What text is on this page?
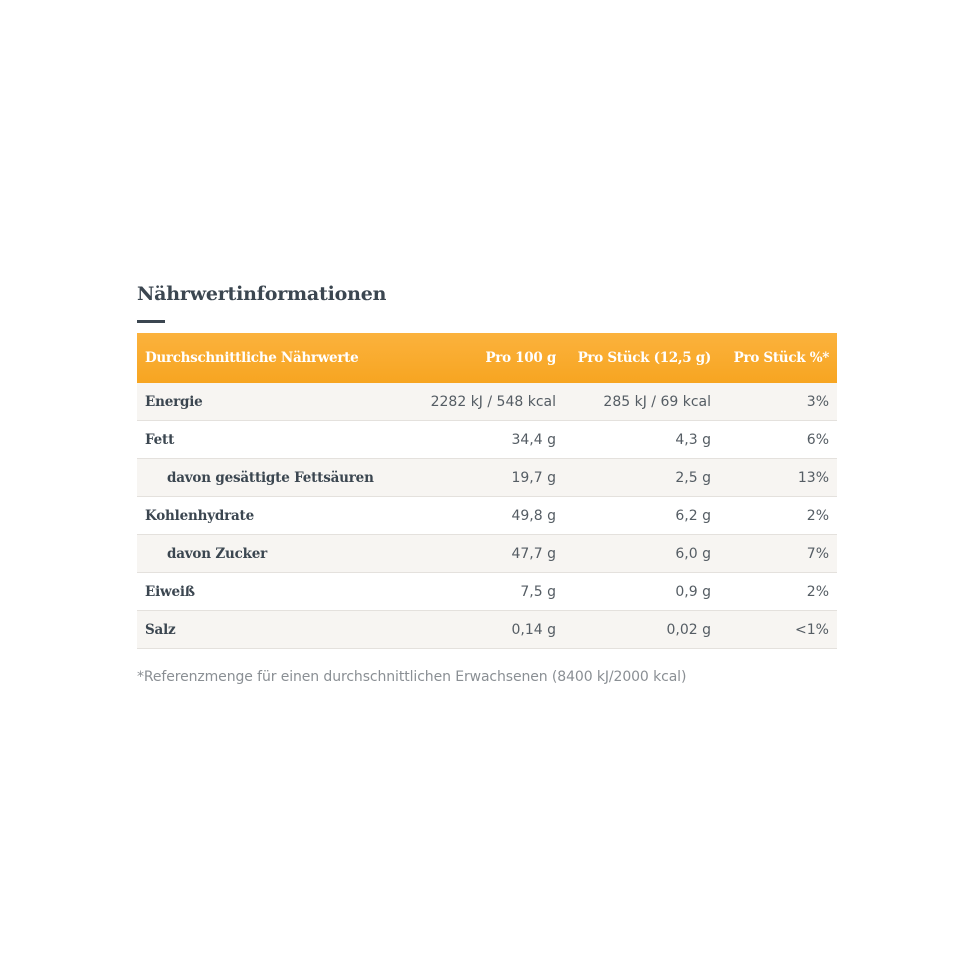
Nährwertinformationen
Durchschnittliche Nährwerte	Pro 100 g	Pro Stück (12,5 g)	Pro Stück %*
Energie	2282 kJ / 548 kcal	285 kJ / 69 kcal	3%
Fett	34,4 g	4,3 g	6%
davon gesättigte Fettsäuren	19,7 g	2,5 g	13%
Kohlenhydrate	49,8 g	6,2 g	2%
davon Zucker	47,7 g	6,0 g	7%
Eiweiß	7,5 g	0,9 g	2%
Salz	0,14 g	0,02 g	<1%
*Referenzmenge für einen durchschnittlichen Erwachsenen (8400 kJ/2000 kcal)
